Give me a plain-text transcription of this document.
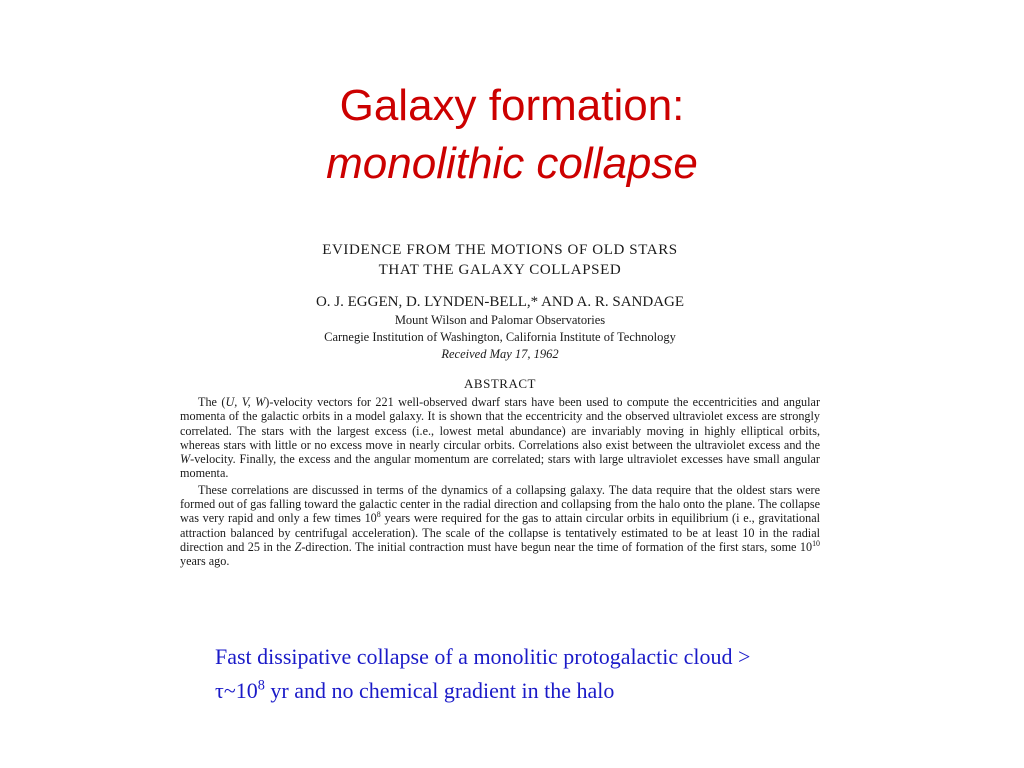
Galaxy formation:
monolithic collapse

EVIDENCE FROM THE MOTIONS OF OLD STARS
THAT THE GALAXY COLLAPSED

O. J. EGGEN, D. LYNDEN-BELL,* AND A. R. SANDAGE
Mount Wilson and Palomar Observatories
Carnegie Institution of Washington, California Institute of Technology
Received May 17, 1962
ABSTRACT

The (U, V, W)-velocity vectors for 221 well-observed dwarf stars have been used to compute the eccentricities and angular momenta of the galactic orbits in a model galaxy. It is shown that the eccentricity and the observed ultraviolet excess are strongly correlated. The stars with the largest excess (i.e., lowest metal abundance) are invariably moving in highly elliptical orbits, whereas stars with little or no excess move in nearly circular orbits. Correlations also exist between the ultraviolet excess and the W-velocity. Finally, the excess and the angular momentum are correlated; stars with large ultraviolet excesses have small angular momenta.

These correlations are discussed in terms of the dynamics of a collapsing galaxy. The data require that the oldest stars were formed out of gas falling toward the galactic center in the radial direction and collapsing from the halo onto the plane. The collapse was very rapid and only a few times $10^8$ years were required for the gas to attain circular orbits in equilibrium (i e., gravitational attraction balanced by centrifugal acceleration). The scale of the collapse is tentatively estimated to be at least 10 in the radial direction and 25 in the Z-direction. The initial contraction must have begun near the time of formation of the first stars, some $10^{10}$ years ago.

Fast dissipative collapse of a monolitic protogalactic cloud > $\tau\sim 10^8$ yr and no chemical gradient in the halo
